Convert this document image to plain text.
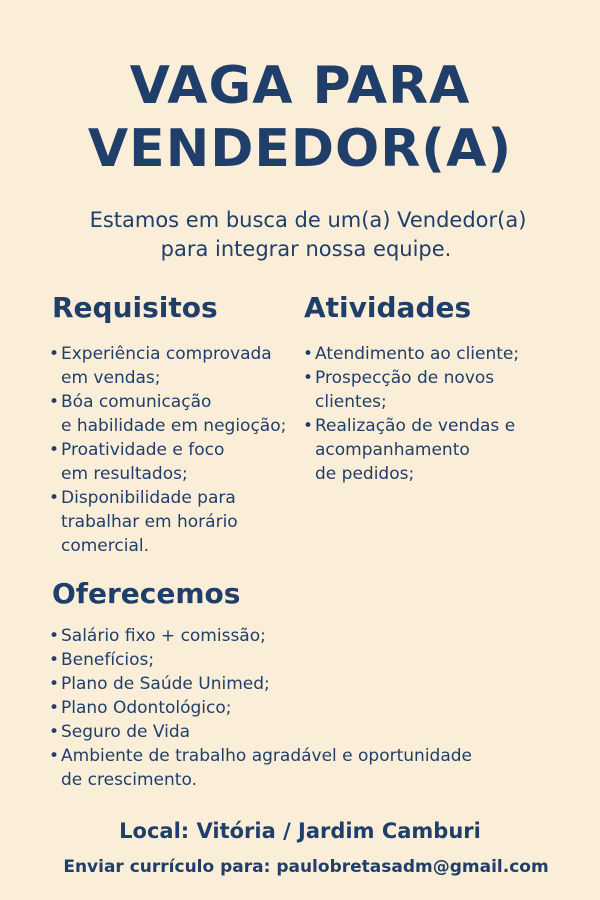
VAGA PARA
VENDEDOR(A)
Estamos em busca de um(a) Vendedor(a)
para integrar nossa equipe.
Requisitos
• Experiência comprovada
em vendas;
• Bóa comunicação
e habilidade em negioção;
• Proatividade e foco
em resultados;
• Disponibilidade para
trabalhar em horário
comercial.
Atividades
• Atendimento ao cliente;
• Prospecção de novos
clientes;
• Realização de vendas e
acompanhamento
de pedidos;
Oferecemos
• Salário fixo + comissão;
• Benefícios;
• Plano de Saúde Unimed;
• Plano Odontológico;
• Seguro de Vida
• Ambiente de trabalho agradável e oportunidade
de crescimento.
Local: Vitória / Jardim Camburi
Enviar currículo para: paulobretasadm@gmail.com
